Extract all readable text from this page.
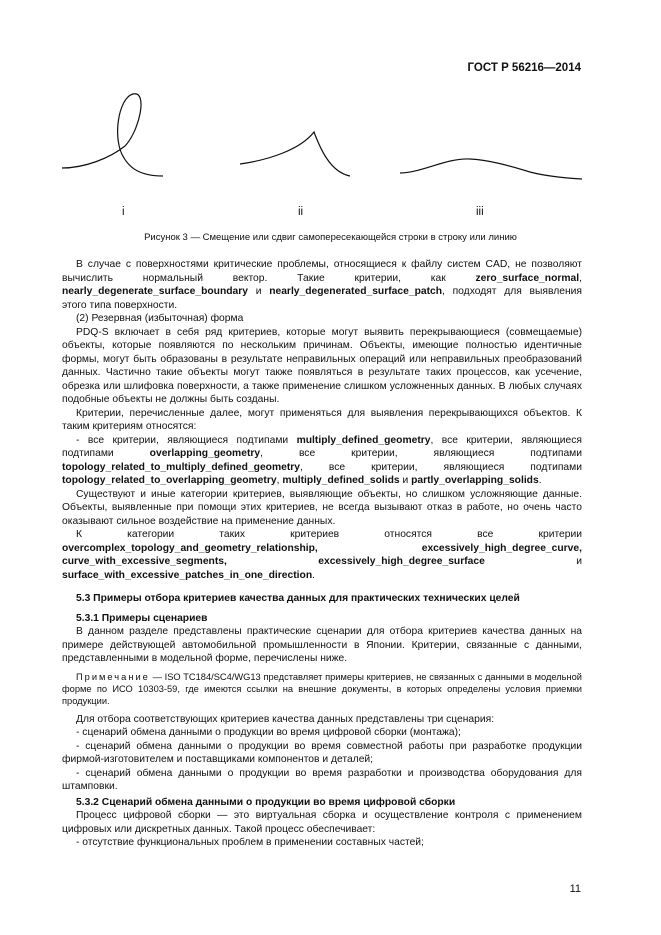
ГОСТ Р 56216—2014
i	ii	iii
Рисунок 3 — Смещение или сдвиг самопересекающейся строки в строку или линию

В случае с поверхностями критические проблемы, относящиеся к файлу систем CAD, не позволяют вычислить нормальный вектор. Такие критерии, как zero_surface_normal, nearly_degenerate_surface_boundary и nearly_degenerated_surface_patch, подходят для выявления этого типа поверхности.

(2) Резервная (избыточная) форма

PDQ-S включает в себя ряд критериев, которые могут выявить перекрывающиеся (совмещаемые) объекты, которые появляются по нескольким причинам. Объекты, имеющие полностью идентичные формы, могут быть образованы в результате неправильных операций или неправильных преобразований данных. Частично такие объекты могут также появляться в результате таких процессов, как усечение, обрезка или шлифовка поверхности, а также применение слишком усложненных данных. В любых случаях подобные объекты не должны быть созданы.

Критерии, перечисленные далее, могут применяться для выявления перекрывающихся объектов. К таким критериям относятся:

- все критерии, являющиеся подтипами multiply_defined_geometry, все критерии, являющиеся подтипами overlapping_geometry, все критерии, являющиеся подтипами topology_related_to_multiply_defined_geometry, все критерии, являющиеся подтипами topology_related_to_overlapping_geometry, multiply_defined_solids и partly_overlapping_solids.

Существуют и иные категории критериев, выявляющие объекты, но слишком усложняющие данные. Объекты, выявленные при помощи этих критериев, не всегда вызывают отказ в работе, но очень часто оказывают сильное воздействие на применение данных.

К категории таких критериев относятся все критерии overcomplex_topology_and_geometry_relationship, excessively_high_degree_curve, curve_with_excessive_segments, excessively_high_degree_surface и surface_with_excessive_patches_in_one_direction.

5.3 Примеры отбора критериев качества данных для практических технических целей

5.3.1 Примеры сценариев

В данном разделе представлены практические сценарии для отбора критериев качества данных на примере действующей автомобильной промышленности в Японии. Критерии, связанные с данными, представленными в модельной форме, перечислены ниже.

Примечание — ISO TC184/SC4/WG13 представляет примеры критериев, не связанных с данными в модельной форме по ИСО 10303-59, где имеются ссылки на внешние документы, в которых определены условия приемки продукции.

Для отбора соответствующих критериев качества данных представлены три сценария:

- сценарий обмена данными о продукции во время цифровой сборки (монтажа);

- сценарий обмена данными о продукции во время совместной работы при разработке продукции фирмой-изготовителем и поставщиками компонентов и деталей;

- сценарий обмена данными о продукции во время разработки и производства оборудования для штамповки.

5.3.2 Сценарий обмена данными о продукции во время цифровой сборки

Процесс цифровой сборки — это виртуальная сборка и осуществление контроля с применением цифровых или дискретных данных. Такой процесс обеспечивает:

- отсутствие функциональных проблем в применении составных частей;

11
